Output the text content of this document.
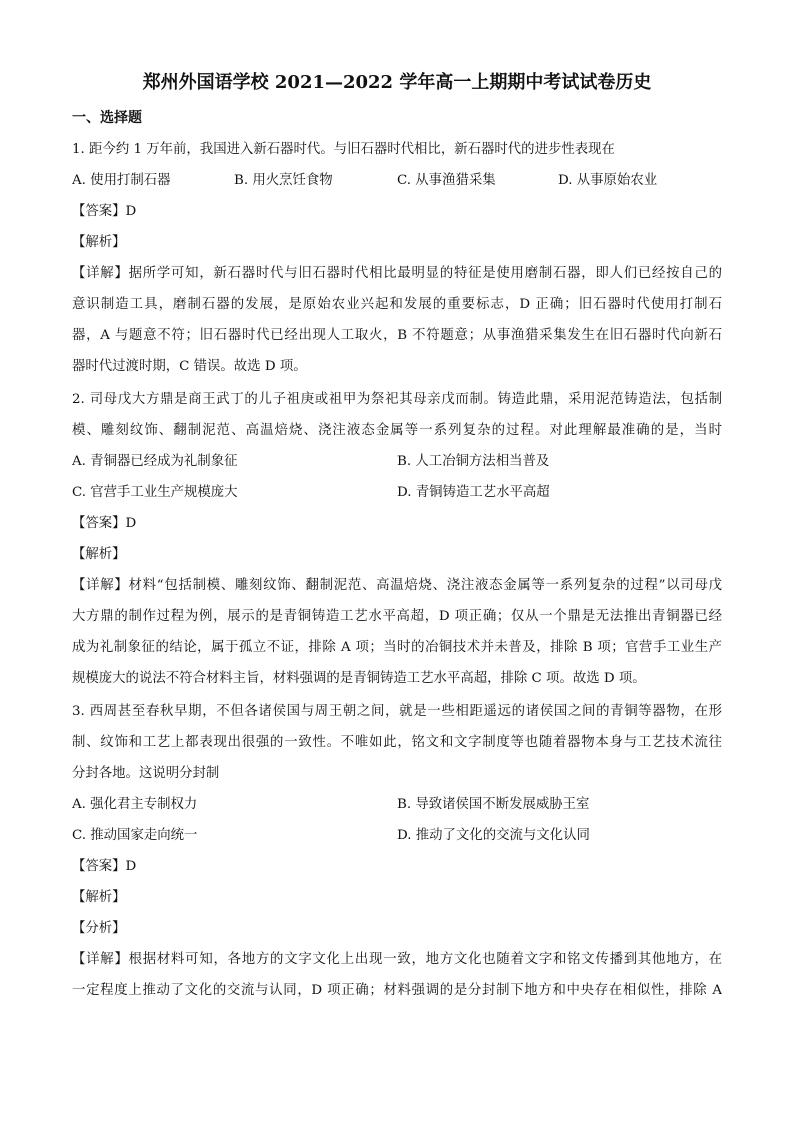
郑州外国语学校 2021—2022 学年高一上期期中考试试卷历史
一、选择题
1. 距今约 1 万年前，我国进入新石器时代。与旧石器时代相比，新石器时代的进步性表现在
A. 使用打制石器	B. 用火烹饪食物	C. 从事渔猎采集	D. 从事原始农业
【答案】D
【解析】
【详解】据所学可知，新石器时代与旧石器时代相比最明显的特征是使用磨制石器，即人们已经按自己的
意识制造工具，磨制石器的发展，是原始农业兴起和发展的重要标志，D 正确；旧石器时代使用打制石
器，A 与题意不符；旧石器时代已经出现人工取火，B 不符题意；从事渔猎采集发生在旧石器时代向新石
器时代过渡时期，C 错误。故选 D 项。
2. 司母戊大方鼎是商王武丁的儿子祖庚或祖甲为祭祀其母亲戊而制。铸造此鼎，采用泥范铸造法，包括制
模、雕刻纹饰、翻制泥范、高温焙烧、浇注液态金属等一系列复杂的过程。对此理解最准确的是，当时
A. 青铜器已经成为礼制象征	B. 人工冶铜方法相当普及
C. 官营手工业生产规模庞大	D. 青铜铸造工艺水平高超
【答案】D
【解析】
【详解】材料“包括制模、雕刻纹饰、翻制泥范、高温焙烧、浇注液态金属等一系列复杂的过程”以司母戊
大方鼎的制作过程为例，展示的是青铜铸造工艺水平高超，D 项正确；仅从一个鼎是无法推出青铜器已经
成为礼制象征的结论，属于孤立不证，排除 A 项；当时的冶铜技术并未普及，排除 B 项；官营手工业生产
规模庞大的说法不符合材料主旨，材料强调的是青铜铸造工艺水平高超，排除 C 项。故选 D 项。
3. 西周甚至春秋早期，不但各诸侯国与周王朝之间，就是一些相距遥远的诸侯国之间的青铜等器物，在形
制、纹饰和工艺上都表现出很强的一致性。不唯如此，铭文和文字制度等也随着器物本身与工艺技术流往
分封各地。这说明分封制
A. 强化君主专制权力	B. 导致诸侯国不断发展威胁王室
C. 推动国家走向统一	D. 推动了文化的交流与文化认同
【答案】D
【解析】
【分析】
【详解】根据材料可知，各地方的文字文化上出现一致，地方文化也随着文字和铭文传播到其他地方，在
一定程度上推动了文化的交流与认同，D 项正确；材料强调的是分封制下地方和中央存在相似性，排除 A
